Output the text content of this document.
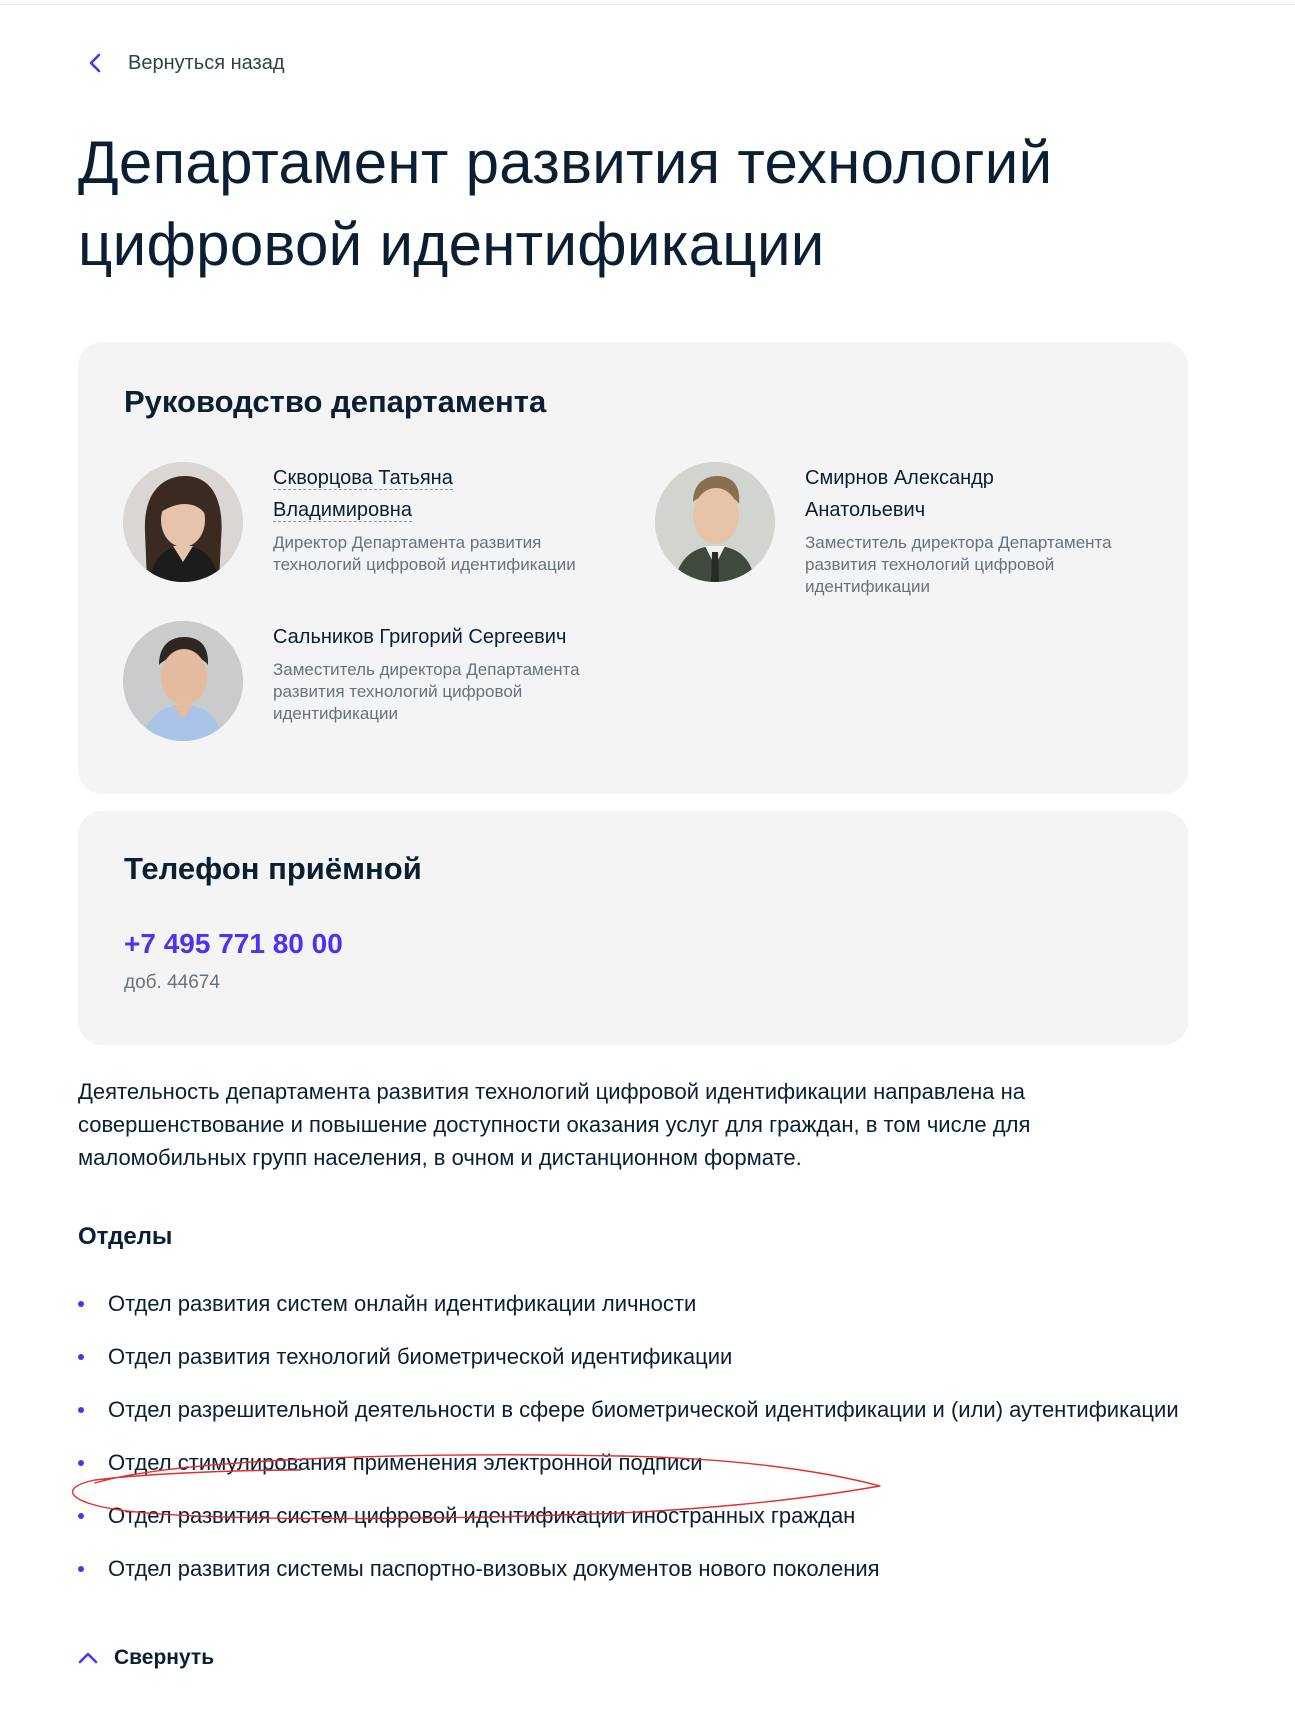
Вернуться назад
Департамент развития технологий цифровой идентификации
Руководство департамента
Скворцова Татьяна Владимировна
Директор Департамента развития технологий цифровой идентификации
Смирнов Александр Анатольевич
Заместитель директора Департамента развития технологий цифровой идентификации
Сальников Григорий Сергеевич
Заместитель директора Департамента развития технологий цифровой идентификации
Телефон приёмной
+7 495 771 80 00
доб. 44674

Деятельность департамента развития технологий цифровой идентификации направлена на совершенствование и повышение доступности оказания услуг для граждан, в том числе для маломобильных групп населения, в очном и дистанционном формате.

Отделы
Отдел развития систем онлайн идентификации личности
Отдел развития технологий биометрической идентификации
Отдел разрешительной деятельности в сфере биометрической идентификации и (или) аутентификации
Отдел стимулирования применения электронной подписи
Отдел развития систем цифровой идентификации иностранных граждан
Отдел развития системы паспортно-визовых документов нового поколения
Свернуть
